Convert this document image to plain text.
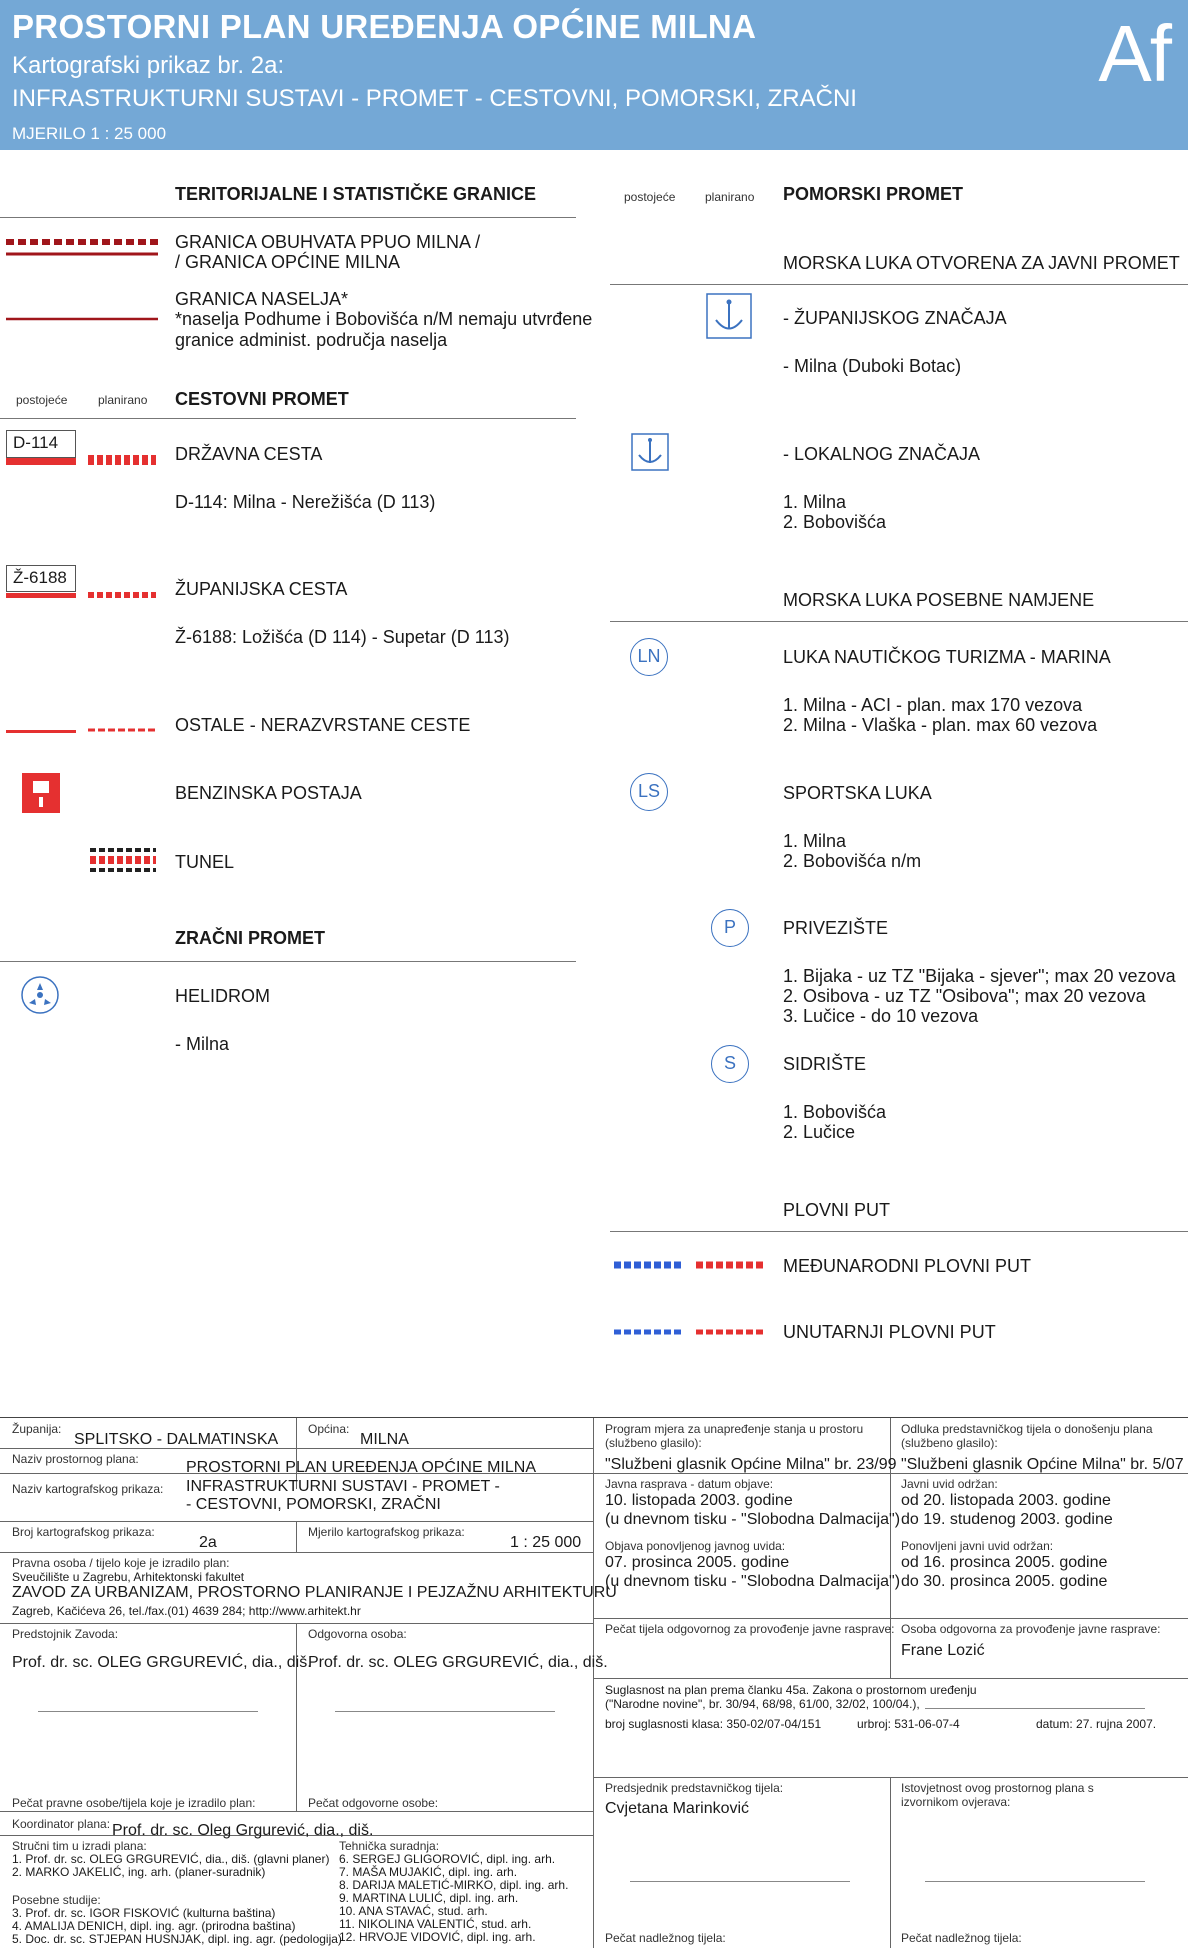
PROSTORNI PLAN UREĐENJA OPĆINE MILNA
Kartografski prikaz br. 2a:
INFRASTRUKTURNI SUSTAVI - PROMET - CESTOVNI, POMORSKI, ZRAČNI
MJERILO 1 : 25 000
Af
TERITORIJALNE I STATISTIČKE GRANICE
GRANICA OBUHVATA PPUO MILNA /
/ GRANICA OPĆINE MILNA
GRANICA NASELJA*
*naselja Podhume i Bobovišća n/M nemaju utvrđene
granice administ. područja naselja
postojeće	planirano CESTOVNI PROMET
D-114
DRŽAVNA CESTA
D-114: Milna - Nerežišća (D 113)
Ž-6188
ŽUPANIJSKA CESTA
Ž-6188: Ložišća (D 114) - Supetar (D 113)
OSTALE - NERAZVRSTANE CESTE
BENZINSKA POSTAJA
TUNEL
ZRAČNI PROMET
HELIDROM
- Milna
postojeće planirano POMORSKI PROMET
MORSKA LUKA OTVORENA ZA JAVNI PROMET
- ŽUPANIJSKOG ZNAČAJA
- Milna (Duboki Botac)
- LOKALNOG ZNAČAJA
1. Milna
2. Bobovišća
MORSKA LUKA POSEBNE NAMJENE
LN	LUKA NAUTIČKOG TURIZMA - MARINA
1. Milna - ACI - plan. max 170 vezova
2. Milna - Vlaška - plan. max 60 vezova
LS	SPORTSKA LUKA
1. Milna
2. Bobovišća n/m
P	PRIVEZIŠTE
1. Bijaka - uz TZ "Bijaka - sjever"; max 20 vezova
2. Osibova - uz TZ "Osibova"; max 20 vezova
3. Lučice - do 10 vezova
S	SIDRIŠTE
1. Bobovišća
2. Lučice
PLOVNI PUT
MEĐUNARODNI PLOVNI PUT
UNUTARNJI PLOVNI PUT
Županija:
SPLITSKO - DALMATINSKA
Općina:
MILNA
Naziv prostornog plana:	PROSTORNI PLAN UREĐENJA OPĆINE MILNA
Naziv kartografskog prikaza: INFRASTRUKTURNI SUSTAVI - PROMET -
- CESTOVNI, POMORSKI, ZRAČNI
Broj kartografskog prikaza:
2a
Mjerilo kartografskog prikaza:
1 : 25 000
Pravna osoba / tijelo koje je izradilo plan:
Sveučilište u Zagrebu, Arhitektonski fakultet
ZAVOD ZA URBANIZAM, PROSTORNO PLANIRANJE I PEJZAŽNU ARHITEKTURU
Zagreb, Kačićeva 26, tel./fax.(01) 4639 284; http://www.arhitekt.hr
Predstojnik Zavoda:
Prof. dr. sc. OLEG GRGUREVIĆ, dia., diš.
Odgovorna osoba:
Prof. dr. sc. OLEG GRGUREVIĆ, dia., diš.
Pečat pravne osobe/tijela koje je izradilo plan:	Pečat odgovorne osobe:
Koordinator plana: Prof. dr. sc. Oleg Grgurević, dia., diš.
Stručni tim u izradi plana:
1. Prof. dr. sc. OLEG GRGUREVIĆ, dia., diš. (glavni planer)
2. MARKO JAKELIĆ, ing. arh. (planer-suradnik)
Posebne studije:
3. Prof. dr. sc. IGOR FISKOVIĆ (kulturna baština)
4. AMALIJA DENICH, dipl. ing. agr. (prirodna baština)
5. Doc. dr. sc. STJEPAN HUSNJAK, dipl. ing. agr. (pedologija)
Tehnička suradnja:
6. SERGEJ GLIGOROVIĆ, dipl. ing. arh.
7. MAŠA MUJAKIĆ, dipl. ing. arh.
8. DARIJA MALETIĆ-MIRKO, dipl. ing. arh.
9. MARTINA LULIĆ, dipl. ing. arh.
10. ANA STAVAĆ, stud. arh.
11. NIKOLINA VALENTIĆ, stud. arh.
12. HRVOJE VIDOVIĆ, dipl. ing. arh.
Program mjera za unapređenje stanja u prostoru
(službeno glasilo):
"Službeni glasnik Općine Milna" br. 23/99
Odluka predstavničkog tijela o donošenju plana
(službeno glasilo):
"Službeni glasnik Općine Milna" br. 5/07
Javna rasprava - datum objave:
10. listopada 2003. godine
(u dnevnom tisku - "Slobodna Dalmacija")
Javni uvid održan:
od 20. listopada 2003. godine
do 19. studenog 2003. godine
Objava ponovljenog javnog uvida:
07. prosinca 2005. godine
(u dnevnom tisku - "Slobodna Dalmacija")
Ponovljeni javni uvid održan:
od 16. prosinca 2005. godine
do 30. prosinca 2005. godine
Pečat tijela odgovornog za provođenje javne rasprave: Osoba odgovorna za provođenje javne rasprave:
Frane Lozić
Suglasnost na plan prema članku 45a. Zakona o prostornom uređenju
("Narodne novine", br. 30/94, 68/98, 61/00, 32/02, 100/04.),
broj suglasnosti klasa: 350-02/07-04/151	urbroj: 531-06-07-4	datum: 27. rujna 2007.
Predsjednik predstavničkog tijela:
Cvjetana Marinković
Istovjetnost ovog prostornog plana s
izvornikom ovjerava:
Pečat nadležnog tijela:	Pečat nadležnog tijela:
